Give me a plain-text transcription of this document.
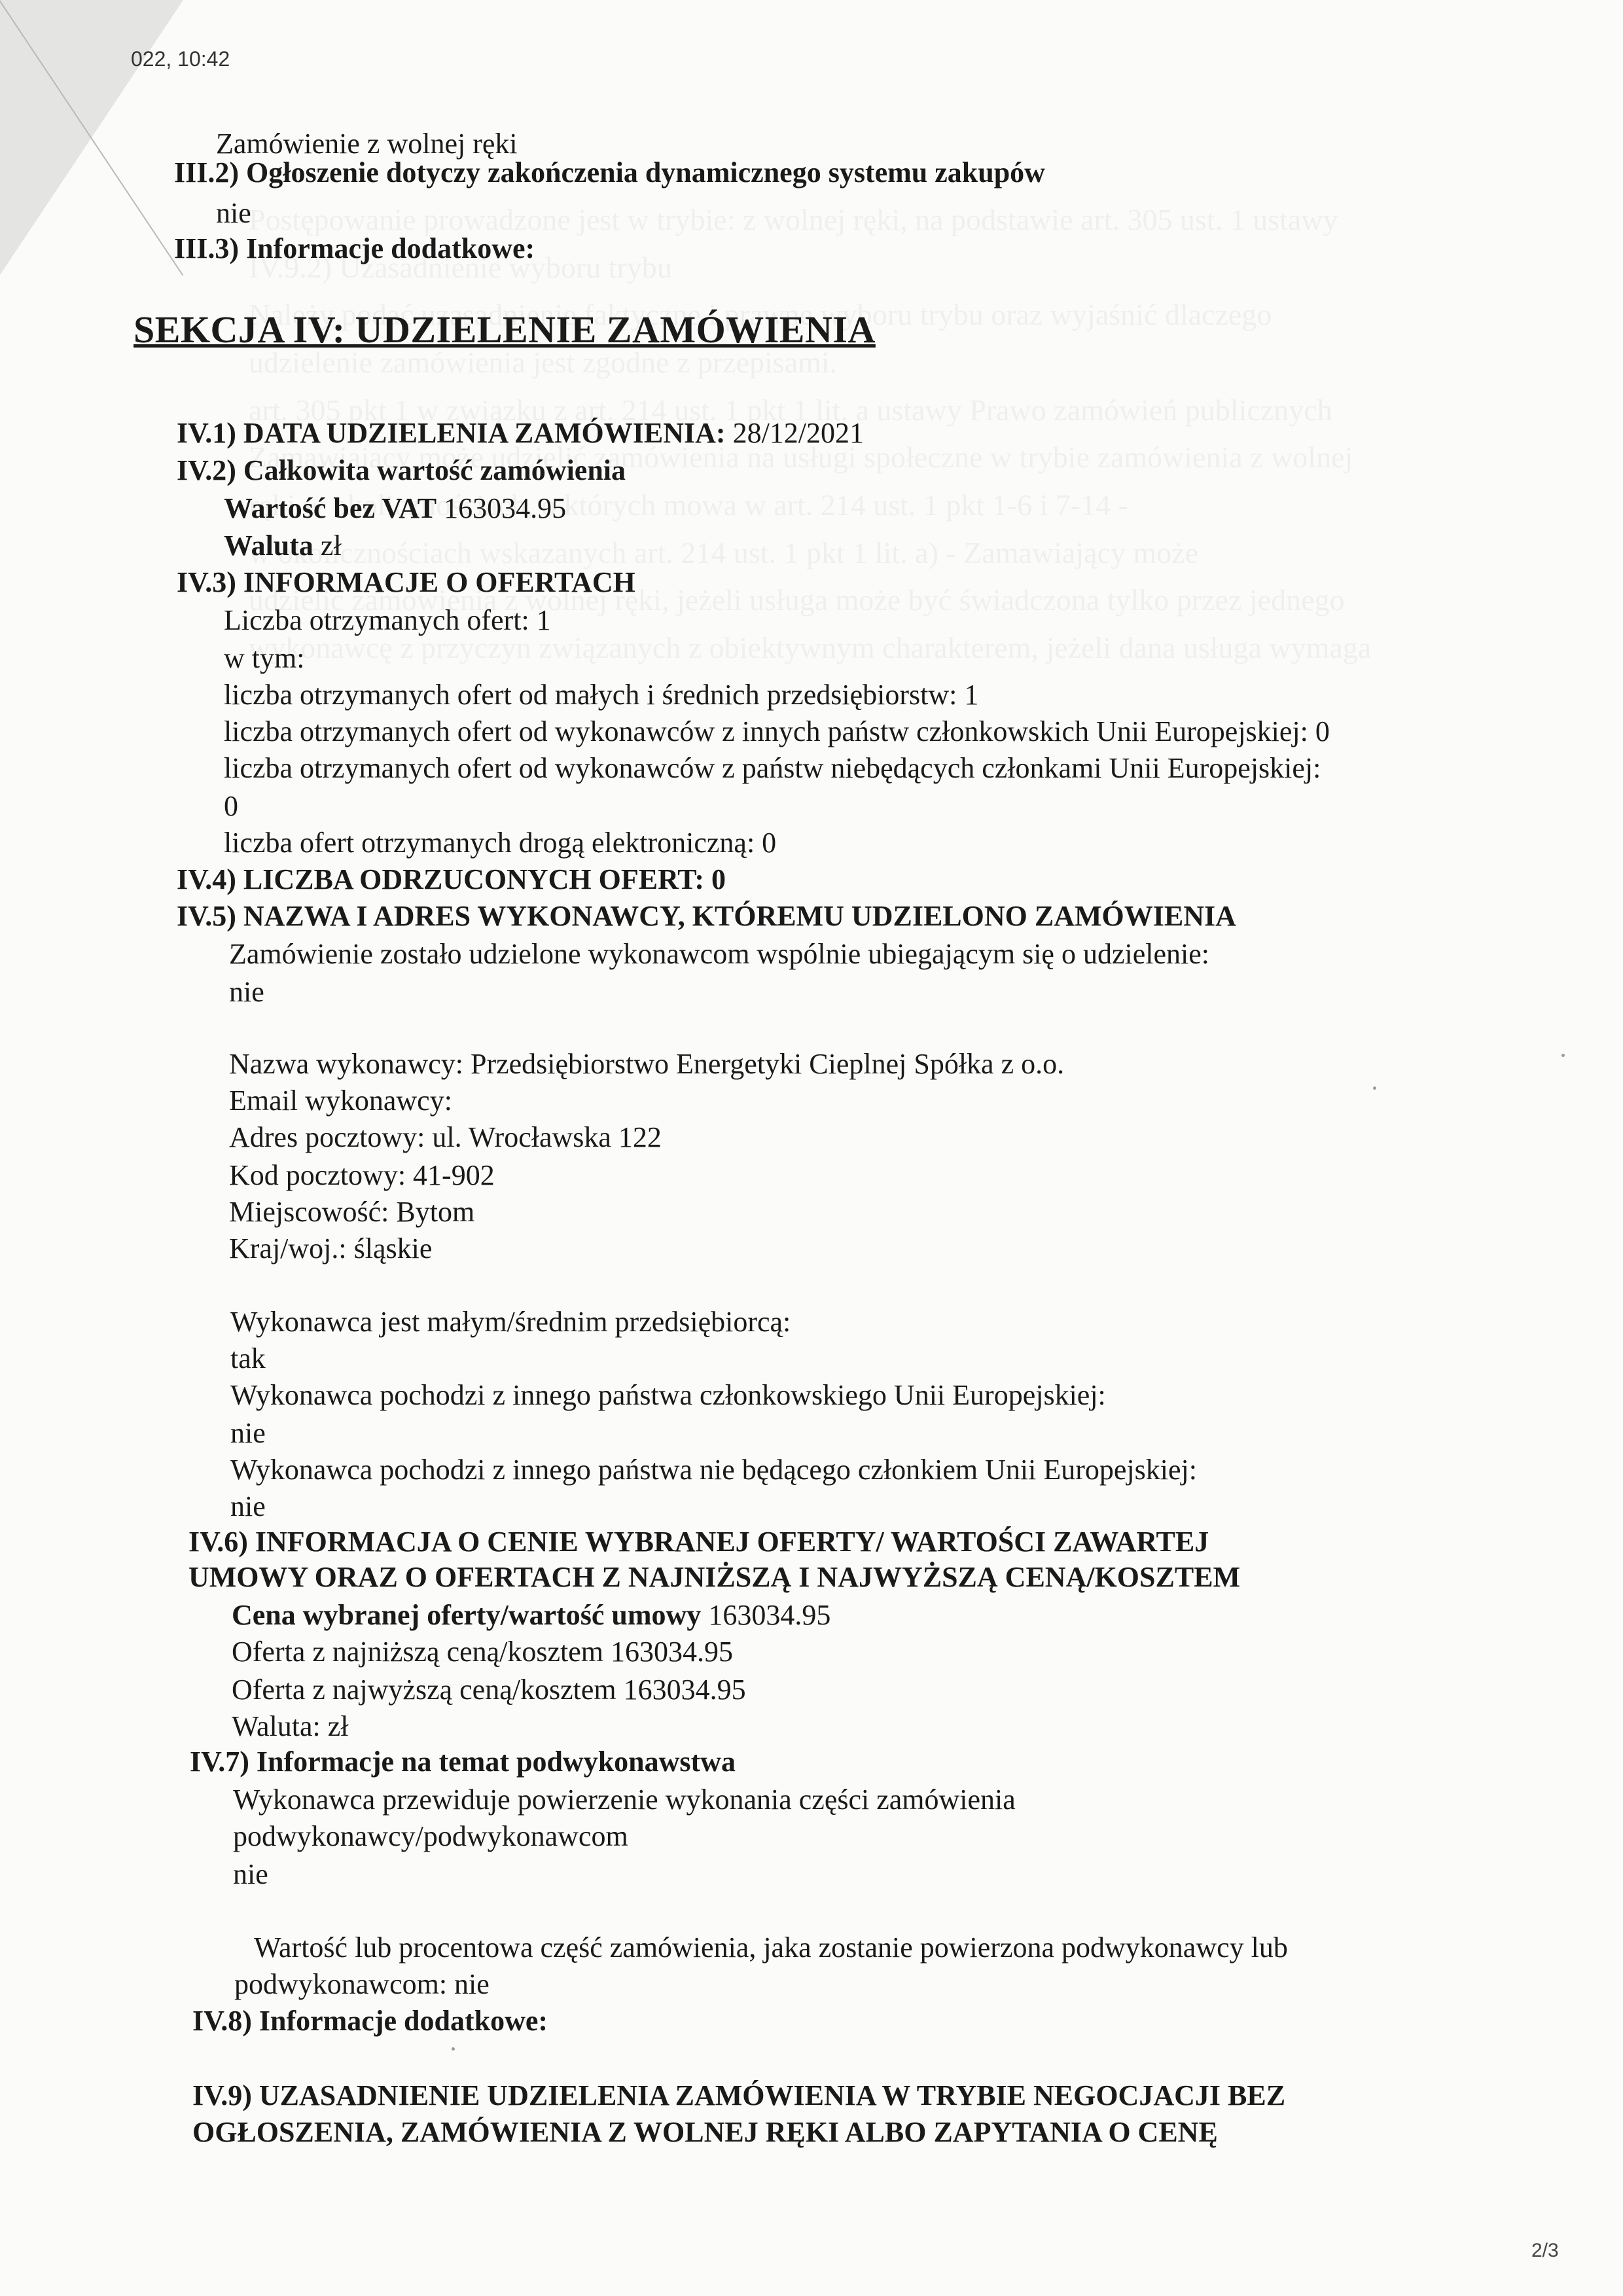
022, 10:42
Zamówienie z wolnej ręki
III.2) Ogłoszenie dotyczy zakończenia dynamicznego systemu zakupów
nie
III.3) Informacje dodatkowe:
SEKCJA IV: UDZIELENIE ZAMÓWIENIA
IV.1) DATA UDZIELENIA ZAMÓWIENIA: 28/12/2021
IV.2) Całkowita wartość zamówienia
Wartość bez VAT 163034.95
Waluta zł
IV.3) INFORMACJE O OFERTACH
Liczba otrzymanych ofert: 1
w tym:
liczba otrzymanych ofert od małych i średnich przedsiębiorstw: 1
liczba otrzymanych ofert od wykonawców z innych państw członkowskich Unii Europejskiej: 0
liczba otrzymanych ofert od wykonawców z państw niebędących członkami Unii Europejskiej:
0
liczba ofert otrzymanych drogą elektroniczną: 0
IV.4) LICZBA ODRZUCONYCH OFERT: 0
IV.5) NAZWA I ADRES WYKONAWCY, KTÓREMU UDZIELONO ZAMÓWIENIA
Zamówienie zostało udzielone wykonawcom wspólnie ubiegającym się o udzielenie:
nie
Nazwa wykonawcy: Przedsiębiorstwo Energetyki Cieplnej Spółka z o.o.
Email wykonawcy:
Adres pocztowy: ul. Wrocławska 122
Kod pocztowy: 41-902
Miejscowość: Bytom
Kraj/woj.: śląskie
Wykonawca jest małym/średnim przedsiębiorcą:
tak
Wykonawca pochodzi z innego państwa członkowskiego Unii Europejskiej:
nie
Wykonawca pochodzi z innego państwa nie będącego członkiem Unii Europejskiej:
nie
IV.6) INFORMACJA O CENIE WYBRANEJ OFERTY/ WARTOŚCI ZAWARTEJ
UMOWY ORAZ O OFERTACH Z NAJNIŻSZĄ I NAJWYŻSZĄ CENĄ/KOSZTEM
Cena wybranej oferty/wartość umowy 163034.95
Oferta z najniższą ceną/kosztem 163034.95
Oferta z najwyższą ceną/kosztem 163034.95
Waluta: zł
IV.7) Informacje na temat podwykonawstwa
Wykonawca przewiduje powierzenie wykonania części zamówienia
podwykonawcy/podwykonawcom
nie
Wartość lub procentowa część zamówienia, jaka zostanie powierzona podwykonawcy lub
podwykonawcom: nie
IV.8) Informacje dodatkowe:
IV.9) UZASADNIENIE UDZIELENIA ZAMÓWIENIA W TRYBIE NEGOCJACJI BEZ
OGŁOSZENIA, ZAMÓWIENIA Z WOLNEJ RĘKI ALBO ZAPYTANIA O CENĘ
2/3
